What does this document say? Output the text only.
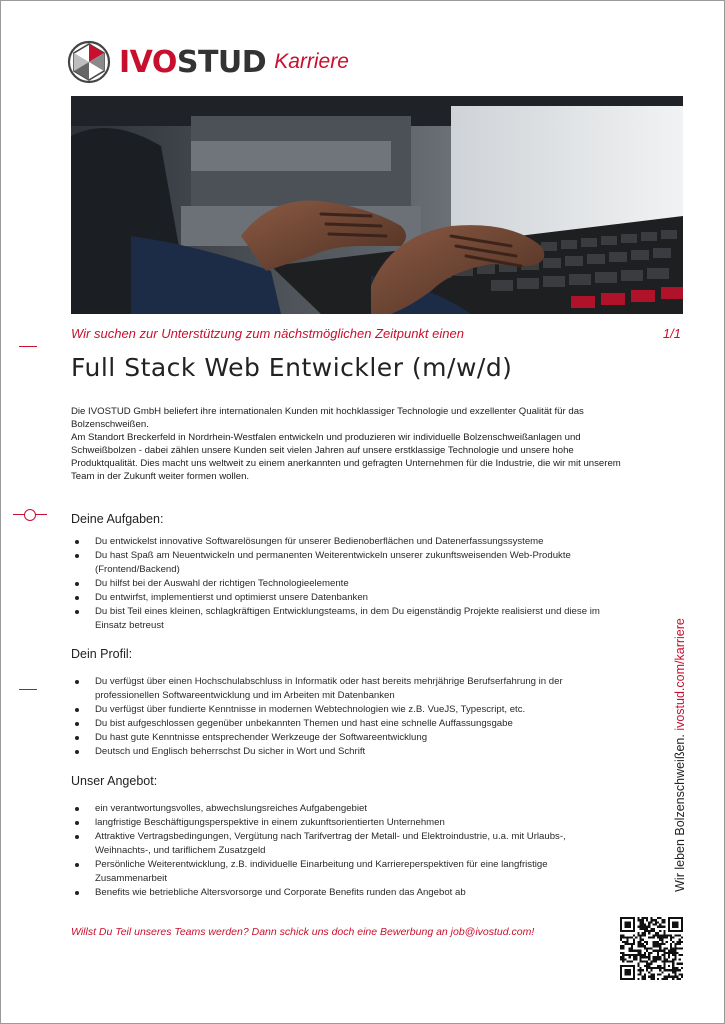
IVOSTUD Karriere
Wir suchen zur Unterstützung zum nächstmöglichen Zeitpunkt einen	1/1
Full Stack Web Entwickler (m/w/d)

Die IVOSTUD GmbH beliefert ihre internationalen Kunden mit hochklassiger Technologie und exzellenter Qualität für das Bolzenschweißen.

Am Standort Breckerfeld in Nordrhein-Westfalen entwickeln und produzieren wir individuelle Bolzenschweißanlagen und Schweißbolzen - dabei zählen unsere Kunden seit vielen Jahren auf unsere erstklassige Technologie und unsere hohe Produktqualität. Dies macht uns weltweit zu einem anerkannten und gefragten Unternehmen für die Industrie, die wir mit unserem Team in der Zukunft weiter formen wollen.

Deine Aufgaben:
Du entwickelst innovative Softwarelösungen für unserer Bedienoberflächen und Datenerfassungssysteme
Du hast Spaß am Neuentwickeln und permanenten Weiterentwickeln unserer zukunftsweisenden Web-Produkte (Frontend/Backend)
Du hilfst bei der Auswahl der richtigen Technologieelemente
Du entwirfst, implementierst und optimierst unsere Datenbanken
Du bist Teil eines kleinen, schlagkräftigen Entwicklungsteams, in dem Du eigenständig Projekte realisierst und diese im Einsatz betreust
Dein Profil:
Du verfügst über einen Hochschulabschluss in Informatik oder hast bereits mehrjährige Berufserfahrung in der professionellen Softwareentwicklung und im Arbeiten mit Datenbanken
Du verfügst über fundierte Kenntnisse in modernen Webtechnologien wie z.B. VueJS, Typescript, etc.
Du bist aufgeschlossen gegenüber unbekannten Themen und hast eine schnelle Auffassungsgabe
Du hast gute Kenntnisse entsprechender Werkzeuge der Softwareentwicklung
Deutsch und Englisch beherrschst Du sicher in Wort und Schrift
Unser Angebot:
ein verantwortungsvolles, abwechslungsreiches Aufgabengebiet
langfristige Beschäftigungsperspektive in einem zukunftsorientierten Unternehmen
Attraktive Vertragsbedingungen, Vergütung nach Tarifvertrag der Metall- und Elektroindustrie, u.a. mit Urlaubs-, Weihnachts-, und tariflichem Zusatzgeld
Persönliche Weiterentwicklung, z.B. individuelle Einarbeitung und Karriereperspektiven für eine langfristige Zusammenarbeit
Benefits wie betriebliche Altersvorsorge und Corporate Benefits runden das Angebot ab
Wir leben Bolzenschweißen. ivostud.com/karriere
Willst Du Teil unseres Teams werden? Dann schick uns doch eine Bewerbung an job@ivostud.com!
